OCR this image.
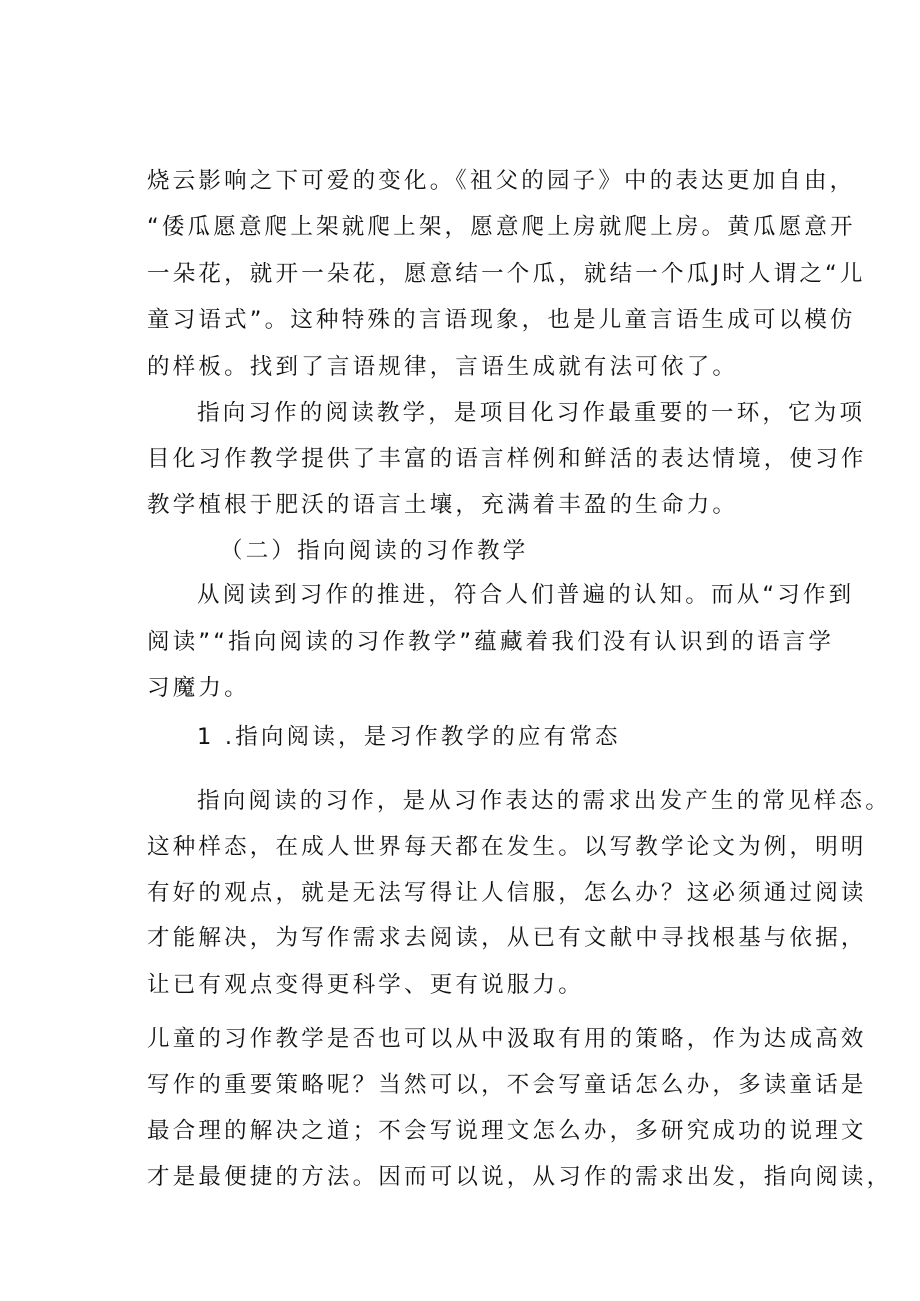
烧云影响之下可爱的变化。《祖父的园子》中的表达更加自由，
“倭瓜愿意爬上架就爬上架，愿意爬上房就爬上房。黄瓜愿意开
一朵花，就开一朵花，愿意结一个瓜，就结一个瓜J时人谓之“儿
童习语式”。这种特殊的言语现象，也是儿童言语生成可以模仿
的样板。找到了言语规律，言语生成就有法可依了。
指向习作的阅读教学，是项目化习作最重要的一环，它为项
目化习作教学提供了丰富的语言样例和鲜活的表达情境，使习作
教学植根于肥沃的语言土壤，充满着丰盈的生命力。
（二）指向阅读的习作教学
从阅读到习作的推进，符合人们普遍的认知。而从“习作到
阅读”“指向阅读的习作教学”蕴藏着我们没有认识到的语言学
习魔力。
1 .指向阅读，是习作教学的应有常态
指向阅读的习作，是从习作表达的需求出发产生的常见样态。
这种样态，在成人世界每天都在发生。以写教学论文为例，明明
有好的观点，就是无法写得让人信服，怎么办？这必须通过阅读
才能解决，为写作需求去阅读，从已有文献中寻找根基与依据，
让已有观点变得更科学、更有说服力。
儿童的习作教学是否也可以从中汲取有用的策略，作为达成高效
写作的重要策略呢？当然可以，不会写童话怎么办，多读童话是
最合理的解决之道；不会写说理文怎么办，多研究成功的说理文
才是最便捷的方法。因而可以说，从习作的需求出发，指向阅读，
